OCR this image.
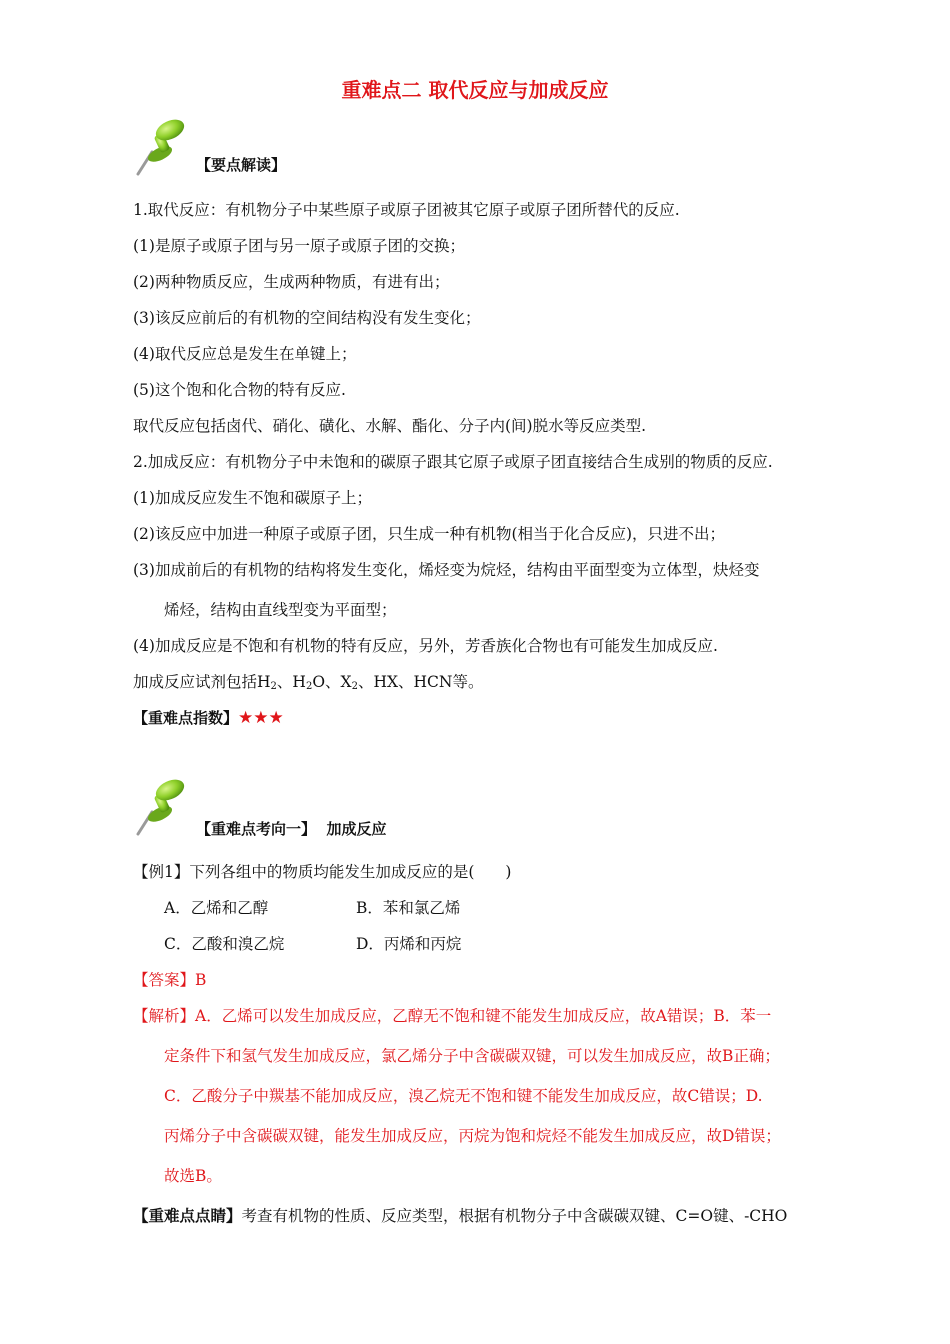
重难点二 取代反应与加成反应
【要点解读】
1.取代反应：有机物分子中某些原子或原子团被其它原子或原子团所替代的反应.
(1)是原子或原子团与另一原子或原子团的交换；
(2)两种物质反应，生成两种物质，有进有出；
(3)该反应前后的有机物的空间结构没有发生变化；
(4)取代反应总是发生在单键上；
(5)这个饱和化合物的特有反应.
取代反应包括卤代、硝化、磺化、水解、酯化、分子内(间)脱水等反应类型.
2.加成反应：有机物分子中未饱和的碳原子跟其它原子或原子团直接结合生成别的物质的反应.
(1)加成反应发生不饱和碳原子上；
(2)该反应中加进一种原子或原子团，只生成一种有机物(相当于化合反应)，只进不出；
(3)加成前后的有机物的结构将发生变化，烯烃变为烷烃，结构由平面型变为立体型，炔烃变
烯烃，结构由直线型变为平面型；
(4)加成反应是不饱和有机物的特有反应，另外，芳香族化合物也有可能发生加成反应.
加成反应试剂包括$H_2$、$H_2O$、$X_2$、HX、HCN等。
【重难点指数】★★★
【重难点考向一】 加成反应
【例1】下列各组中的物质均能发生加成反应的是(　　)
A．乙烯和乙醇	B．苯和氯乙烯
C．乙酸和溴乙烷	D．丙烯和丙烷
【答案】B
【解析】A．乙烯可以发生加成反应，乙醇无不饱和键不能发生加成反应，故A错误；B．苯一
定条件下和氢气发生加成反应，氯乙烯分子中含碳碳双键，可以发生加成反应，故B正确；
C．乙酸分子中羰基不能加成反应，溴乙烷无不饱和键不能发生加成反应，故C错误；D.
丙烯分子中含碳碳双键，能发生加成反应，丙烷为饱和烷烃不能发生加成反应，故D错误；
故选B。
【重难点点睛】考查有机物的性质、反应类型，根据有机物分子中含碳碳双键、C=O键、-CHO
